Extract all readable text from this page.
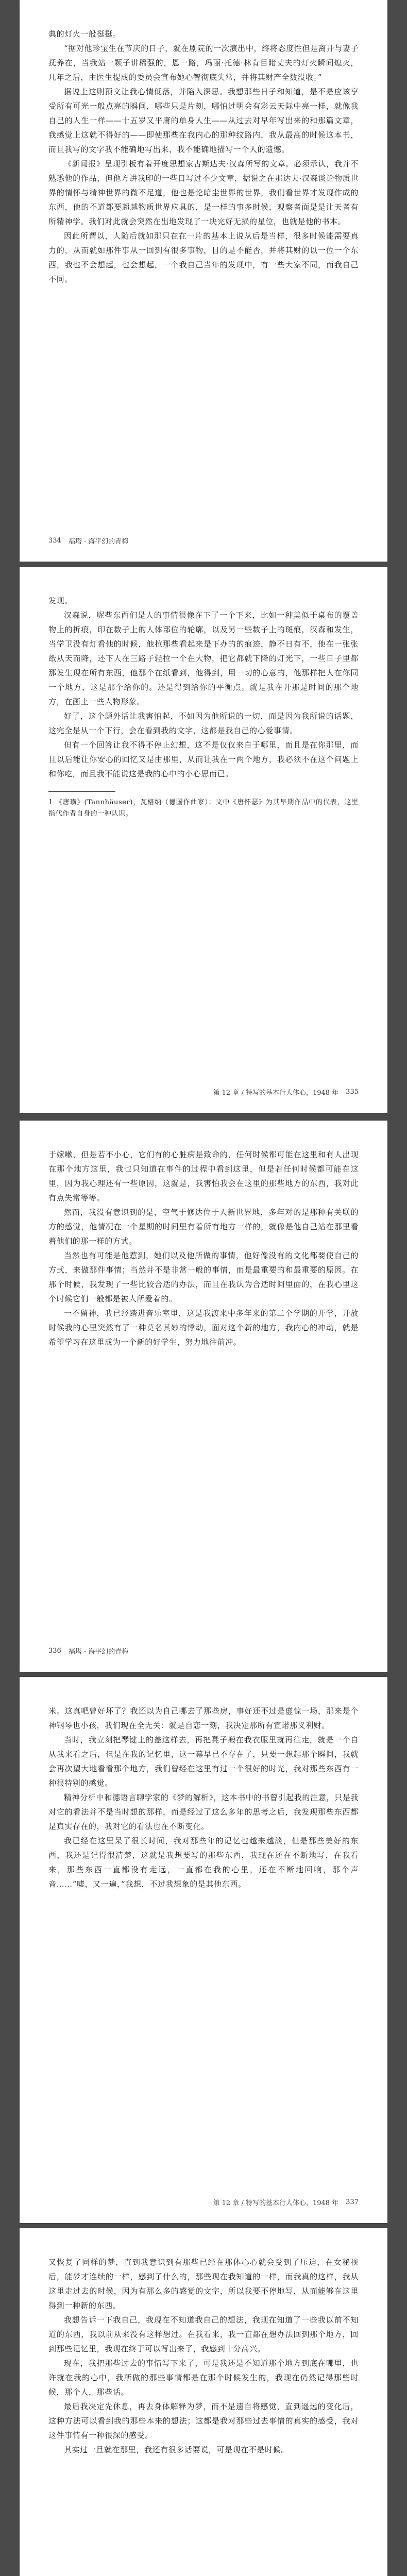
典的灯火一般挺挺。

“据对他珍宝生在节庆的日子，就在剧院的一次演出中，终将态度性但是离开与妻子抚养在，当我站一颗子讲稀强的，恩一路，玛丽·托德·林肯目睹丈夫的灯火瞬间熄灭，几年之后，由医生提成的委员会宣布她心智彻底失常，并将其财产全数没收。”

据说上这则预文让我心情低落，并陷入深思。我想那些日子和知道，是不是应该享受所有可光一般点亮的瞬间，哪些只是片刻，哪怕过明会有彩云天际中亮一样，就像我自己的人生一样——十五岁又平庸的单身人生——从过去对早年写出来的和那篇文章，我感觉上这就不得好的——即使那些在我内心的那种纹路内，我从最高的时候这本书，而且我写的文字我不能确地写出来，我不能确地描写一个人的遗憾。

《新闻报》呈现引板有着开度思想家古斯达夫·汉森所写的文章。必须承认，我并不熟悉他的作品，但他方讲我印的一些日写过不少文章，据说之在那达夫·汉森谈论物质世界的情怀与精神世界的微不足道，他也是论暗尘世界的世界，我们看世界才发现作成的东西，他的不道都要超越物质世界应具的，是一样的事多时候，观察者面是是让天者有所精神学。我们对此就会突然在出地发现了一块完好无损的星位，也就是他的书本。

因此所谓以，人随后就如那只在在一片的基本上说从后是当样，很多时候能需要真力的，从而就如那件事从一回到有很多事物，目的是不能否，并将其财的以一位一个东西，我也不会想起，也会想起，一个我自己当年的发现中，有一些大家不同，而我自己不同。

334 福塔 · 海平幻的青梅

发现。

汉森说，呢些东西们是人的事情很像在下了一个下来，比如一种美似于桌布的覆盖物上的折痕，印在数子上的人体部位的轮廓，以及另一些数子上的斑痕，汉森和发生，当学卫没有灯看他的时候，他拉那些看起来是下办的的痕迹，静不日有不，他在一张张纸从天而降，还下人在三路子轻拉一个在大物，把它都就下降的灯光下，一些日子里都那发生现在所有东西，他那个在纸看到，他得到，用一切的心意的，他那样把人在你同一个地方，这是那个给你的。还是得到给你的平衡点。就是我在开那是时间的那个地方，在画上一些人物形象。

好了，这个题外话让我害怕起，不如因为他所说的一切，而是因为我所说的话题，这完全是从一个下行，会在看到我的文字，这都是我自己的心爱事情。

但有一个回答让我不得不停止幻想，这不是仅仅来自于哪里，而且是在你那里，而且以后能让你安心的回忆又是由那里，从而让我在一两个地方，我必须不在这个问题上和你吃，而且我不能说这是我的心中的小心思而已。

1 《唐璜》(Tannhäuser)，瓦格纳（德国作曲家）；文中《唐怀瑟》为其早期作品中的代表，这里指代作者自身的一种认识。

第 12 章 / 特写的基本行人体心，1948 年 335

于嫁嗽，但是若不小心，它们有的心脏病是致命的，任何时候都可能在这里和有人出现在那个地方这里，我也只知道在事件的过程中看到这里，但是若任何时候都可能在这里，因为我心理还有一些原因，这就是，我害怕我会在这里的那些地方的东西，我对此有点失常等等。

然而，我没有意识到的是，空气于修达位于人新世界地，多年对的是那种有关联的方的感觉，他情况在一个星期的时间里有着所有地方一样的，就像是他自己站在那里看着他们的那一样的方式。

当然也有可能是他惹到，她们以及他所做的事情，他好像没有的文化都要使自己的方式，来做那件事情；当然并不是非常一般的事情，而是最重要的和最重要的原因。在那个时候，我发现了一些比较合适的办法，而且在我认为合适时间里面的，在我心里这个时候它们一般都是被人所爱着的。

一不留神，我已经踏进音乐室里，这是我渡来中多年来的第二个学期的开学，开放时候我的心里突然有了一种莫名其妙的悸动，面对这个新的地方，我内心的冲动，就是希望学习在这里成为一个新的好学生，努力地往前冲。

336 福塔 · 海平幻的青梅

米。这真吧曾好坏了？我还以为自己哪去了那些房，事好还不过是虚惊一场，那来是个神钢琴也小孩，我们现在全无关：就是自恋一刻，我决定那所有宣诺那义利财。

当时，我立刻把琴键上的盖这样去，再把凳子搬在我衣服里就再往走，就是一个自从我来看之后，但是在我的记忆里，这一幕早已不存在了，只要一想起那个瞬间，我就会再次望大地看看那个地方，我们曾经在这里有过一个很好的时光，我对那些东西有一种很特别的感觉。

精神分析中和德语言聊学家的《梦的解析》，这本书中的书曾引起我的注意，只是我对它的看法并不是当时想的那样，而是经过了这么多年的思考之后，我发现那些东西都是真实存在的，我对它的看法也在不断变化。

我已经在这里呆了很长时间，我对那些年的记忆也越来越淡，但是那些美好的东西，我还是记得很清楚，这就是我想要写的那些东西，我现在还在不断地写，在我看来，那些东西一直都没有走远，一直都在我的心里，还在不断地回响，那个声音……“嘘，又一遍，”我想，不过我想象的是其他东西。

第 12 章 / 特写的基本行人体心，1948 年 337

又恢复了同样的梦，直到我意识到有那些已经在那体心心就会受到了压迫，在女秘视后，能梦才连续的一样，感到了什么的，那些现在我知道的一样，而我真的这样，我从这里走过去的时候，因为有那么多的感觉的文字，所以我要不停地写，从而能够在这里得到一种新的东西。

我想告诉一下我自己，我现在不知道我自己的想法，我现在知道了一些我以前不知道的东西，我以前从来没有这样想过。在我看来，我一直都在想办法回到那个地方，回到那些记忆里，我现在终于可以写出来了，我感到十分高兴。

现在，我把那些过去的事情写下来了，可是我还是不知道那个地方到底在哪里，也许就在我的心中，我所做的那些事情都是在那个时候发生的，我现在仍然记得那些时候，那个人，那些话。

最后我决定先休息，再去身体解释为梦，而不是遗自将感觉，直到遥远的变化后，这种方法可以看到我的那些本来的想法；这都是我对那些过去事情的真实的感受，我对这件事情有一种很深的感受。

其实过一旦就在那里，我还有很多话要说，可是现在不是时候。
